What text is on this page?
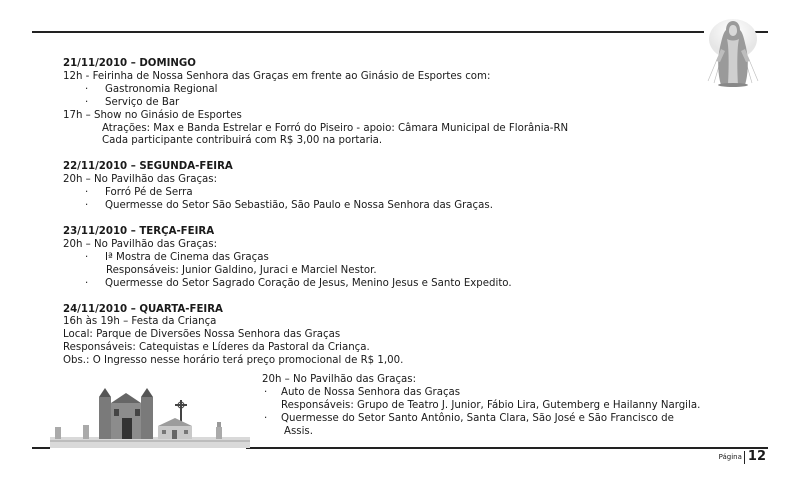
21/11/2010 – DOMINGO

12h - Feirinha de Nossa Senhora das Graças em frente ao Ginásio de Esportes com:

· Gastronomia Regional

· Serviço de Bar

17h – Show no Ginásio de Esportes

Atrações: Max e Banda Estrelar e Forró do Piseiro - apoio: Câmara Municipal de Florânia-RN

Cada participante contribuirá com R$ 3,00 na portaria.

22/11/2010 – SEGUNDA-FEIRA

20h – No Pavilhão das Graças:

· Forró Pé de Serra

· Quermesse do Setor São Sebastião, São Paulo e Nossa Senhora das Graças.

23/11/2010 – TERÇA-FEIRA

20h – No Pavilhão das Graças:

· Iª Mostra de Cinema das Graças

Responsáveis: Junior Galdino, Juraci e Marciel Nestor.

· Quermesse do Setor Sagrado Coração de Jesus, Menino Jesus e Santo Expedito.

24/11/2010 – QUARTA-FEIRA

16h às 19h – Festa da Criança

Local: Parque de Diversões Nossa Senhora das Graças

Responsáveis: Catequistas e Líderes da Pastoral da Criança.

Obs.: O Ingresso nesse horário terá preço promocional de R$ 1,00.

20h – No Pavilhão das Graças:

· Auto de Nossa Senhora das Graças

Responsáveis: Grupo de Teatro J. Junior, Fábio Lira, Gutemberg e Hailanny Nargila.

· Quermesse do Setor Santo Antônio, Santa Clara, São José e São Francisco de

Assis.

Página 12
